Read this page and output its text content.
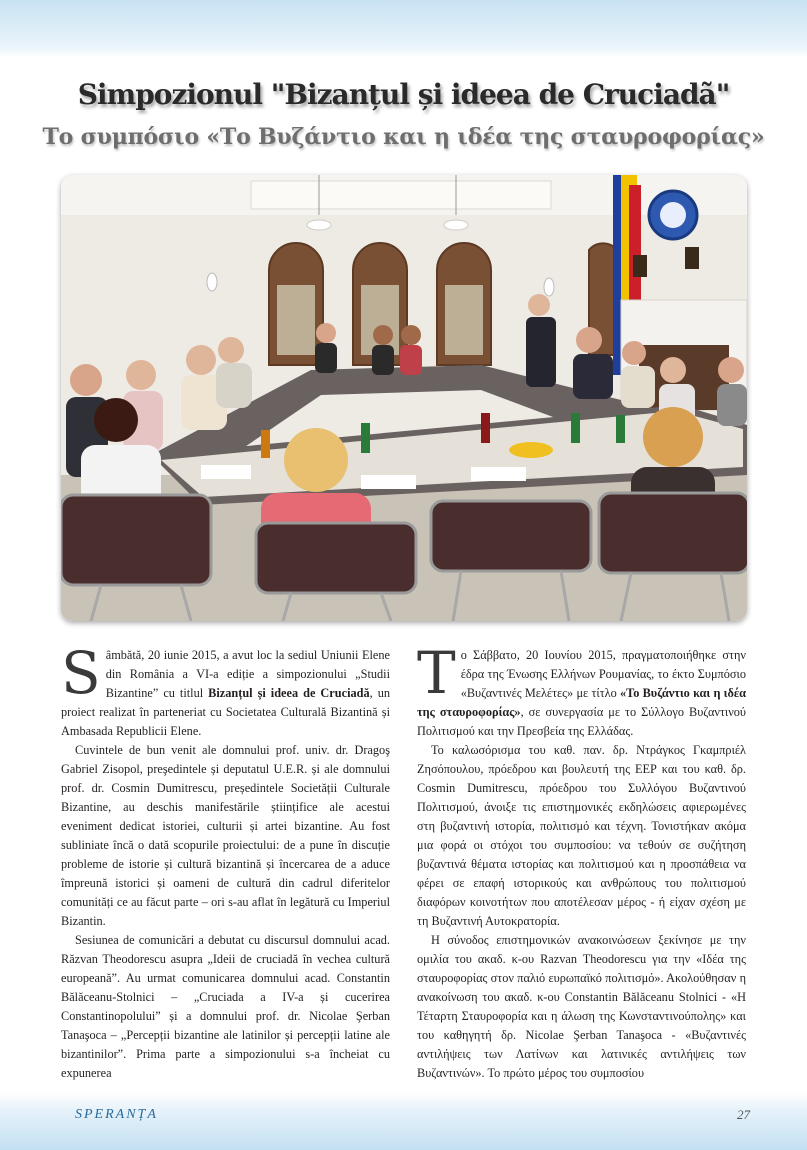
Simpozionul "Bizanțul și ideea de Cruciadã"
Το συμπόσιο «Το Βυζάντιο και η ιδέα της σταυροφορίας»

Sâmbătă, 20 iunie 2015, a avut loc la sediul Uniunii Elene din România a VI-a ediție a simpozionului „Studii Bizantine” cu titlul Bizanțul și ideea de Cruciadă, un proiect realizat în parteneriat cu Societatea Culturală Bizantină și Ambasada Republicii Elene.

Cuvintele de bun venit ale domnului prof. univ. dr. Dragoş Gabriel Zisopol, preşedintele și deputatul U.E.R. și ale domnului prof. dr. Cosmin Dumitrescu, președintele Societății Culturale Bizantine, au deschis manifestările științifice ale acestui eveniment dedicat istoriei, culturii și artei bizantine. Au fost subliniate încă o dată scopurile proiectului: de a pune în discuție probleme de istorie și cultură bizantină și încercarea de a aduce împreună istorici și oameni de cultură din cadrul diferitelor comunități ce au făcut parte – ori s-au aflat în legătură cu Imperiul Bizantin.

Sesiunea de comunicări a debutat cu discursul domnului acad. Răzvan Theodorescu asupra „Ideii de cruciadă în vechea cultură europeană”. Au urmat comunicarea domnului acad. Constantin Bălăceanu-Stolnici – „Cruciada a IV-a și cucerirea Constantinopolului” și a domnului prof. dr. Nicolae Şerban Tanaşoca – „Percepții bizantine ale latinilor și percepții latine ale bizantinilor”. Prima parte a simpozionului s-a încheiat cu expunerea

Το Σάββατο, 20 Ιουνίου 2015, πραγματοποιήθηκε στην έδρα της Ένωσης Ελλήνων Ρουμανίας, το έκτο Συμπόσιο «Βυζαντινές Μελέτες» με τίτλο «Το Βυζάντιο και η ιδέα της σταυροφορίας», σε συνεργασία με το Σύλλογο Βυζαντινού Πολιτισμού και την Πρεσβεία της Ελλάδας.

Το καλωσόρισμα του καθ. παν. δρ. Ντράγκος Γκαμπριέλ Ζησόπουλου, πρόεδρου και βουλευτή της ΕΕΡ και του καθ. δρ. Cosmin Dumitrescu, πρόεδρου του Συλλόγου Βυζαντινού Πολιτισμού, άνοιξε τις επιστημονικές εκδηλώσεις αφιερωμένες στη βυζαντινή ιστορία, πολιτισμό και τέχνη. Τονιστήκαν ακόμα μια φορά οι στόχοι του συμποσίου: να τεθούν σε συζήτηση βυζαντινά θέματα ιστορίας και πολιτισμού και η προσπάθεια να φέρει σε επαφή ιστορικούς και ανθρώπους του πολιτισμού διαφόρων κοινοτήτων που αποτέλεσαν μέρος - ή είχαν σχέση με τη Βυζαντινή Αυτοκρατορία.

Η σύνοδος επιστημονικών ανακοινώσεων ξεκίνησε με την ομιλία του ακαδ. κ-ου Razvan Theodorescu για την «Ιδέα της σταυροφορίας στον παλιό ευρωπαϊκό πολιτισμό». Ακολούθησαν η ανακοίνωση του ακαδ. κ-ου Constantin Bălăceanu Stolnici - «Η Τέταρτη Σταυροφορία και η άλωση της Κωνσταντινούπολης» και του καθηγητή δρ. Nicolae Şerban Tanaşoca - «Βυζαντινές αντιλήψεις των Λατίνων και λατινικές αντιλήψεις των Βυζαντινών». Το πρώτο μέρος του συμποσίου

SPERANȚA	27
